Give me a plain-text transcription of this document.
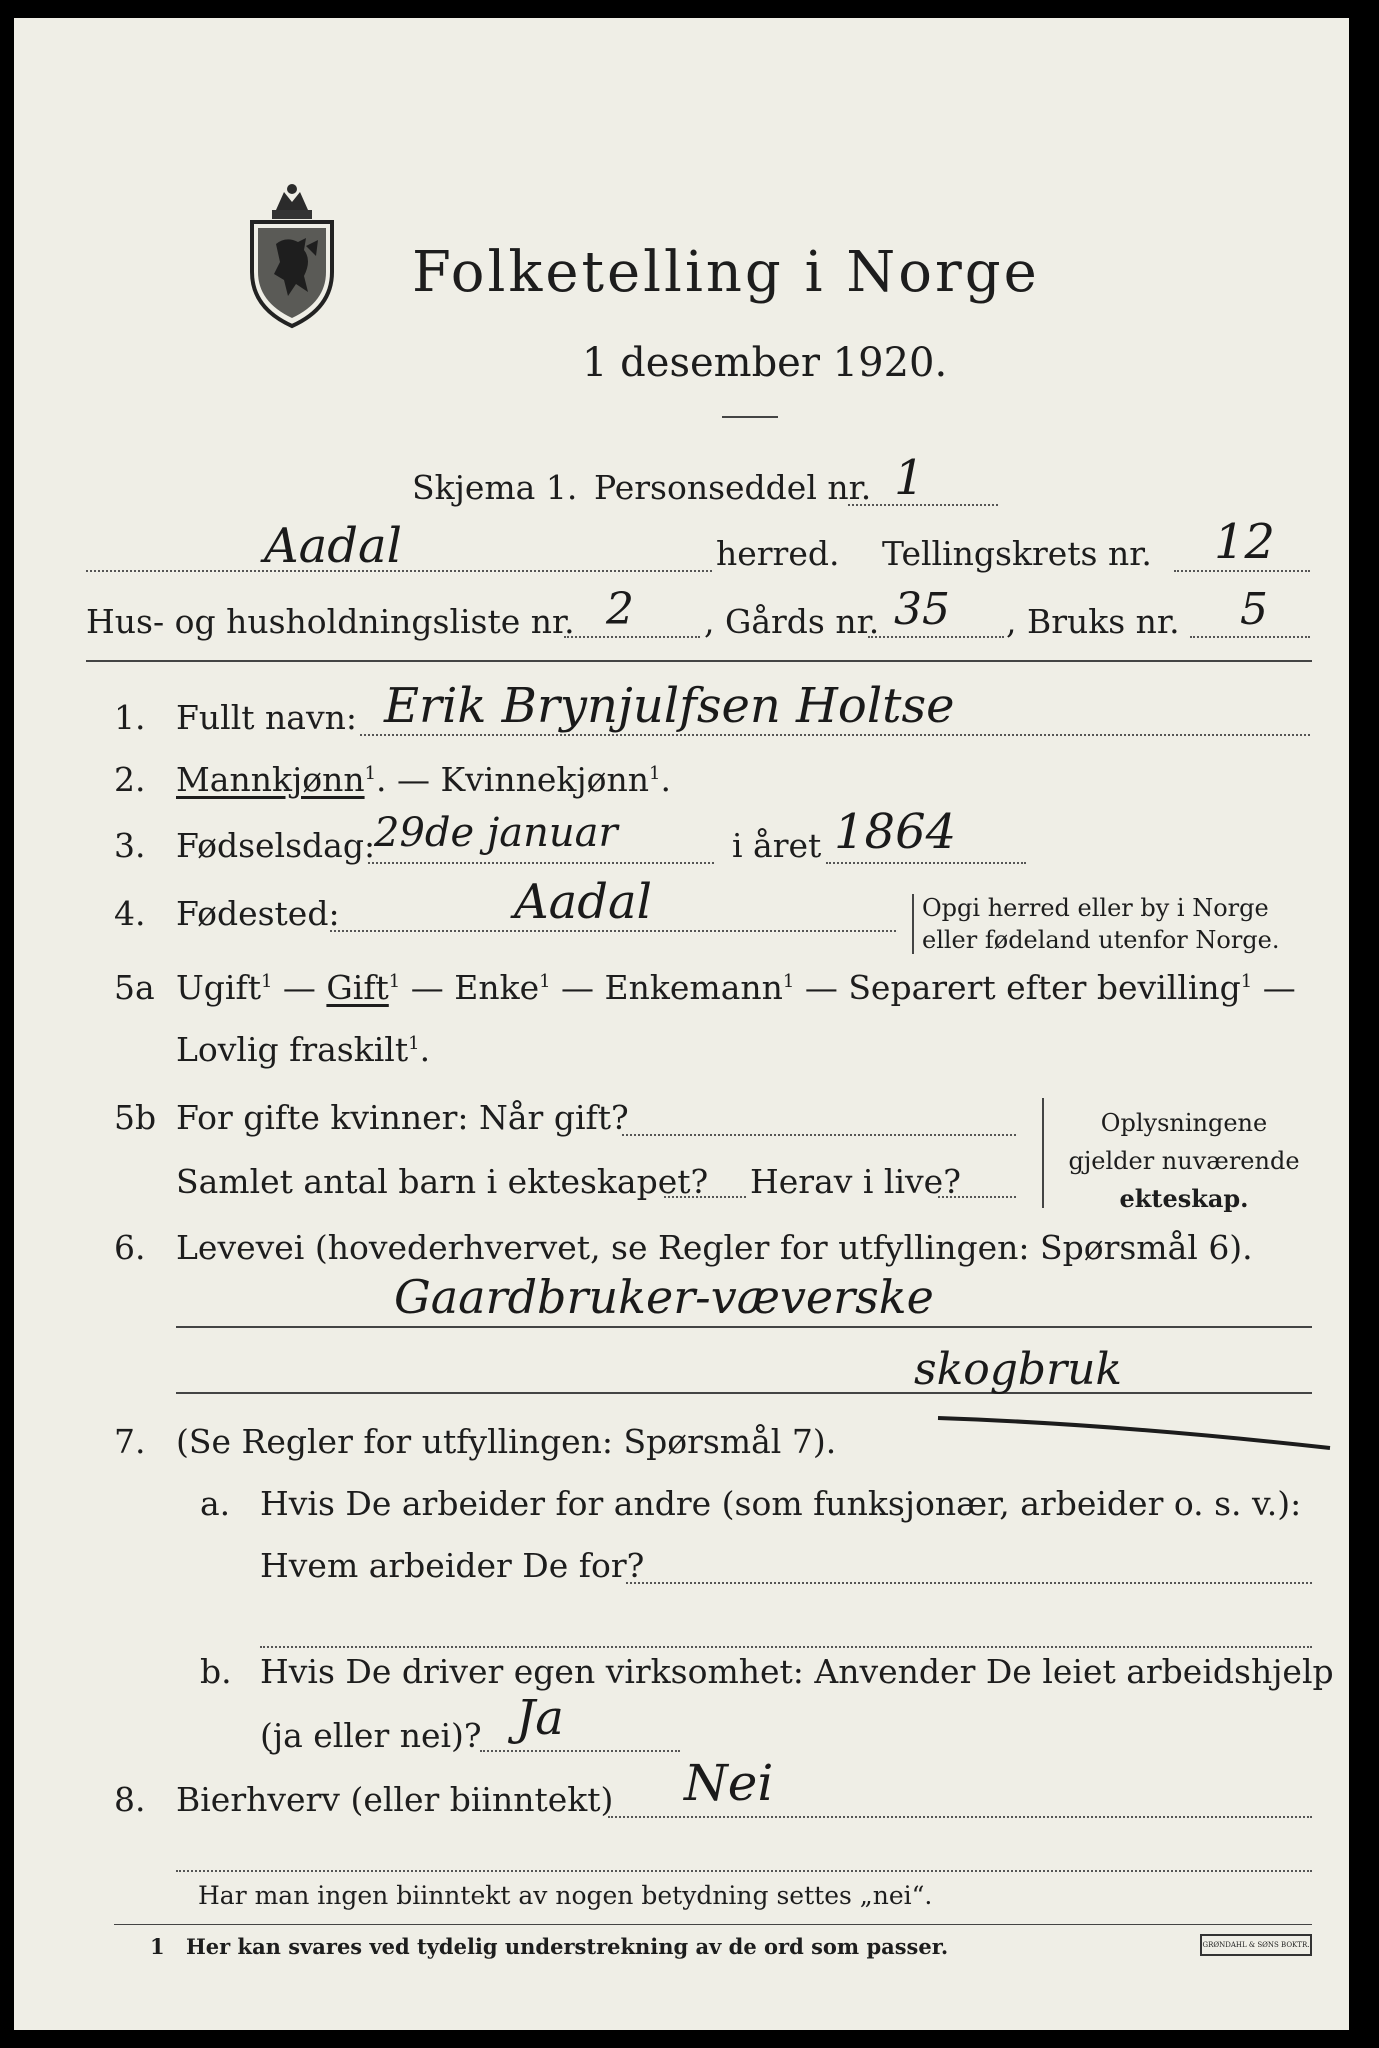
Folketelling i Norge
1 desember 1920.
Skjema 1. Personseddel nr. 1
Aadal	herred. Tellingskrets nr. 12
Hus- og husholdningsliste nr. 2 , Gårds nr. 35 , Bruks nr. 5
1. Fullt navn: Erik Brynjulfsen Holtse
2. Mannkjønn$^1$. — Kvinnekjønn$^1$.
3. Fødselsdag:
29de januar	i året 1864
4. Fødested:	Aadal	Opgi herred eller by i Norge
eller fødeland utenfor Norge.
5a Ugift$^1$ — Gift$^1$ — Enke$^1$ — Enkemann$^1$ — Separert efter bevilling$^1$ —
Lovlig fraskilt$^1$.
5b For gifte kvinner: Når gift?
Samlet antal barn i ekteskapet? Herav i live?
Oplysningene
gjelder nuværende
ekteskap.
6. Levevei (hovederhvervet, se Regler for utfyllingen: Spørsmål 6).
Gaardbruker-væverske
skogbruk
7. (Se Regler for utfyllingen: Spørsmål 7).
a. Hvis De arbeider for andre (som funksjonær, arbeider o. s. v.):
Hvem arbeider De for?
b. Hvis De driver egen virksomhet: Anvender De leiet arbeidshjelp
(ja eller nei)? Ja
8. Bierhverv (eller biinntekt) Nei
Har man ingen biinntekt av nogen betydning settes „nei“.
1 Her kan svares ved tydelig understrekning av de ord som passer.	GRØNDAHL & SØNS BOKTR.
